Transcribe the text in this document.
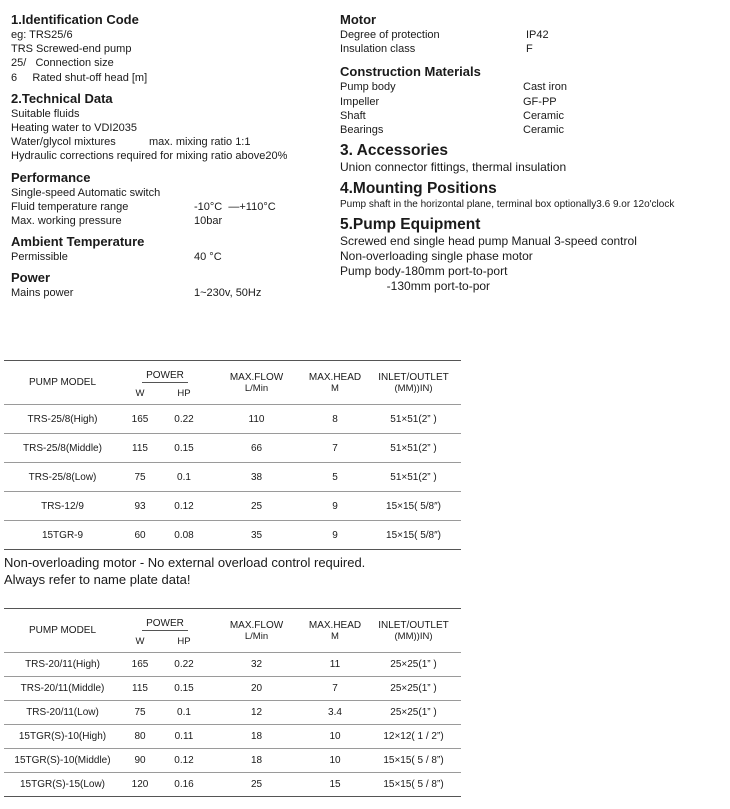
1.Identification Code
eg: TRS25/6
TRS Screwed-end pump
25/   Connection size
6     Rated shut-off head [m]
2.Technical Data
Suitable fluids
Heating water to VDI2035
Water/glycol mixtures	max. mixing ratio 1:1
Hydraulic corrections required for mixing ratio above20%
Performance
Single-speed Automatic switch
Fluid temperature range	-10°C  —+110°C
Max. working pressure	10bar
Ambient Temperature
Permissible	40 °C
Power
Mains power	1~230v, 50Hz
Motor
Degree of protection	IP42
Insulation class	F
Construction Materials
Pump body	Cast iron
Impeller	GF-PP
Shaft	Ceramic
Bearings	Ceramic
3. Accessories
Union connector fittings, thermal insulation
4.Mounting Positions
Pump shaft in the horizontal plane, terminal box optionally3.6 9.or 12o'clock
5.Pump Equipment
Screwed end single head pump Manual 3-speed control
Non-overloading single phase motor
Pump body-180mm port-to-port
-130mm port-to-por
PUMP MODEL	POWER		MAX.FLOW	MAX.HEAD	INLET/OUTLET
	W	HP	L/Min	M	(MM))IN)
TRS-25/8(High)	165	0.22	110	8	51×51(2” )
TRS-25/8(Middle)	115	0.15	66	7	51×51(2” )
TRS-25/8(Low)	75	0.1	38	5	51×51(2” )
TRS-12/9	93	0.12	25	9	15×15( 5/8″)
15TGR-9	60	0.08	35	9	15×15( 5/8″)
Non-overloading motor - No external overload control required.
Always refer to name plate data!
PUMP MODEL	POWER		MAX.FLOW	MAX.HEAD	INLET/OUTLET
	W	HP	L/Min	M	(MM))IN)
TRS-20/11(High)	165	0.22	32	11	25×25(1” )
TRS-20/11(Middle)	115	0.15	20	7	25×25(1” )
TRS-20/11(Low)	75	0.1	12	3.4	25×25(1” )
15TGR(S)-10(High)	80	0.11	18	10	12×12( 1 / 2”)
15TGR(S)-10(Middle)	90	0.12	18	10	15×15( 5 / 8”)
15TGR(S)-15(Low)	120	0.16	25	15	15×15( 5 / 8”)
